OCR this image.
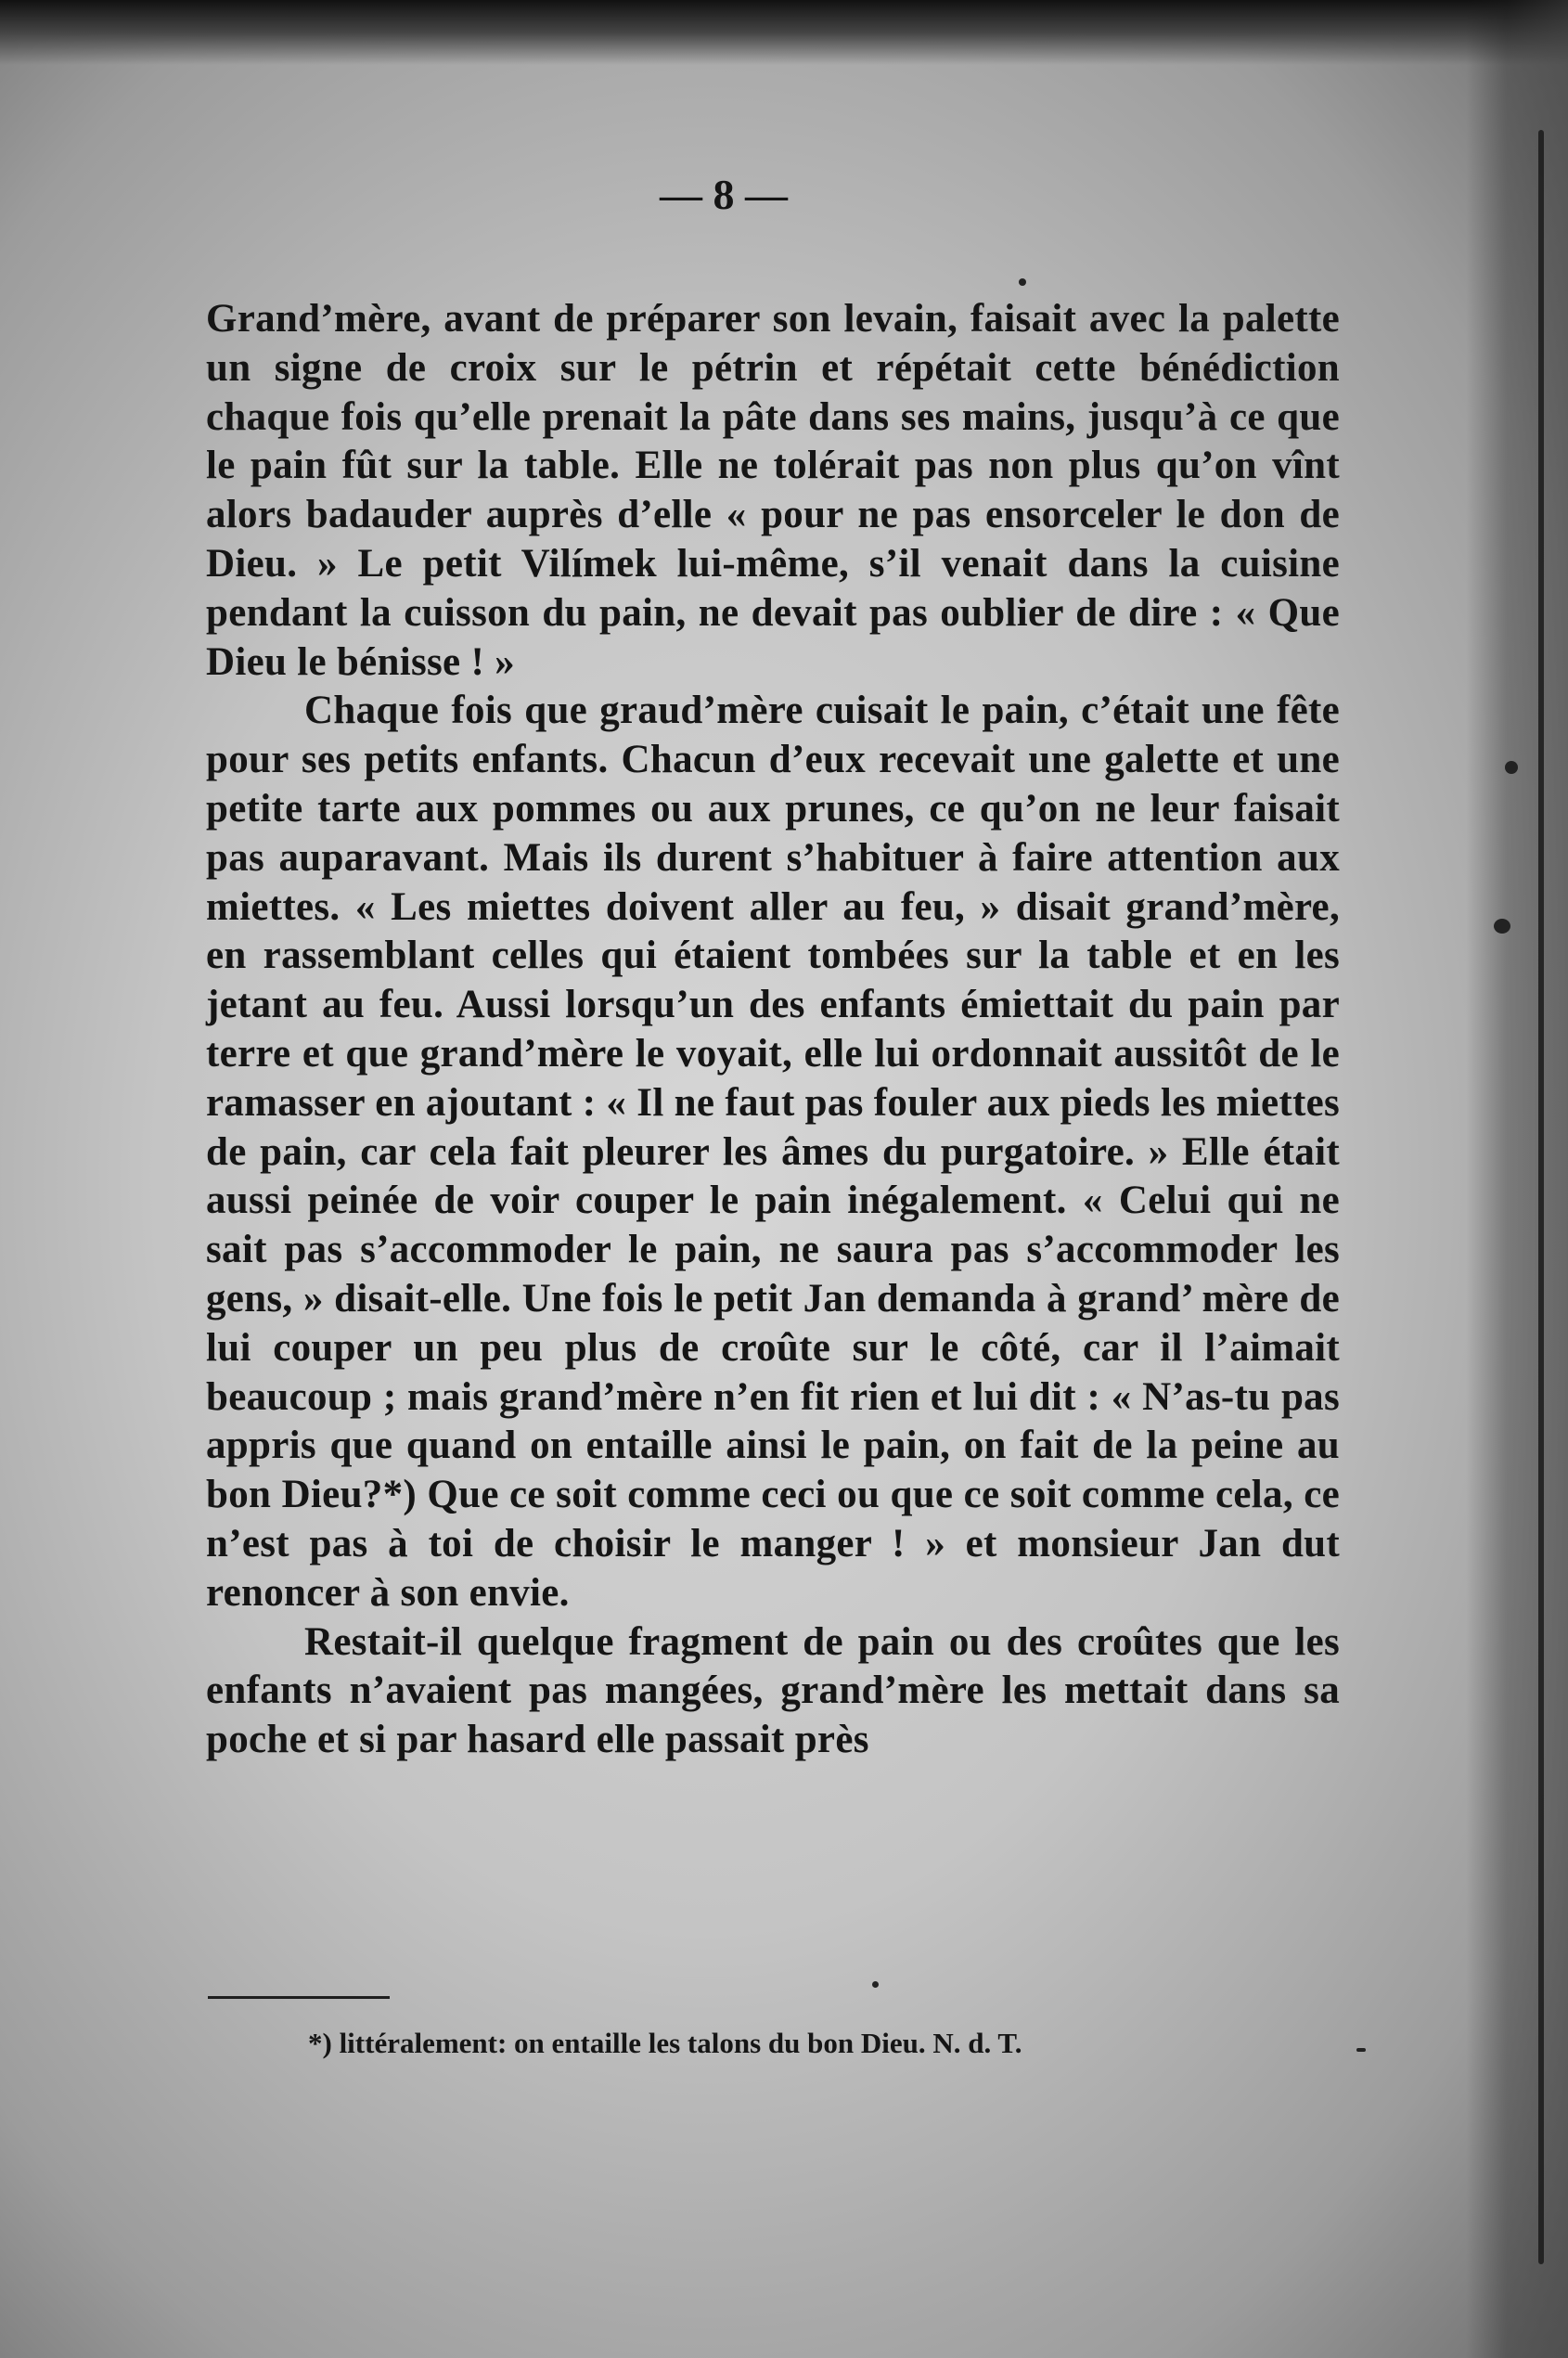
— 8 —

Grand’mère, avant de préparer son levain, faisait avec la palette un signe de croix sur le pétrin et répétait cette bénédiction chaque fois qu’elle prenait la pâte dans ses mains, jusqu’à ce que le pain fût sur la table. Elle ne tolérait pas non plus qu’on vînt alors badauder auprès d’elle « pour ne pas ensorceler le don de Dieu. » Le petit Vilímek lui-même, s’il venait dans la cuisine pendant la cuisson du pain, ne devait pas oublier de dire : « Que Dieu le bénisse ! »

Chaque fois que graud’mère cuisait le pain, c’était une fête pour ses petits enfants. Chacun d’eux recevait une galette et une petite tarte aux pommes ou aux prunes, ce qu’on ne leur faisait pas auparavant. Mais ils durent s’habituer à faire attention aux miettes. « Les miettes doivent aller au feu, » disait grand’mère, en rassemblant celles qui étaient tombées sur la table et en les jetant au feu. Aussi lorsqu’un des enfants émiettait du pain par terre et que grand’mère le voyait, elle lui ordonnait aussitôt de le ramasser en ajoutant : « Il ne faut pas fouler aux pieds les miettes de pain, car cela fait pleurer les âmes du purgatoire. » Elle était aussi peinée de voir couper le pain inégalement. « Celui qui ne sait pas s’accommoder le pain, ne saura pas s’accommoder les gens, » disait-elle. Une fois le petit Jan demanda à grand’ mère de lui couper un peu plus de croûte sur le côté, car il l’aimait beaucoup ; mais grand’mère n’en fit rien et lui dit : « N’as-tu pas appris que quand on entaille ainsi le pain, on fait de la peine au bon Dieu?*) Que ce soit comme ceci ou que ce soit comme cela, ce n’est pas à toi de choisir le manger ! » et monsieur Jan dut renoncer à son envie.

Restait-il quelque fragment de pain ou des croûtes que les enfants n’avaient pas mangées, grand’mère les mettait dans sa poche et si par hasard elle passait près

*) littéralement: on entaille les talons du bon Dieu. N. d. T.
